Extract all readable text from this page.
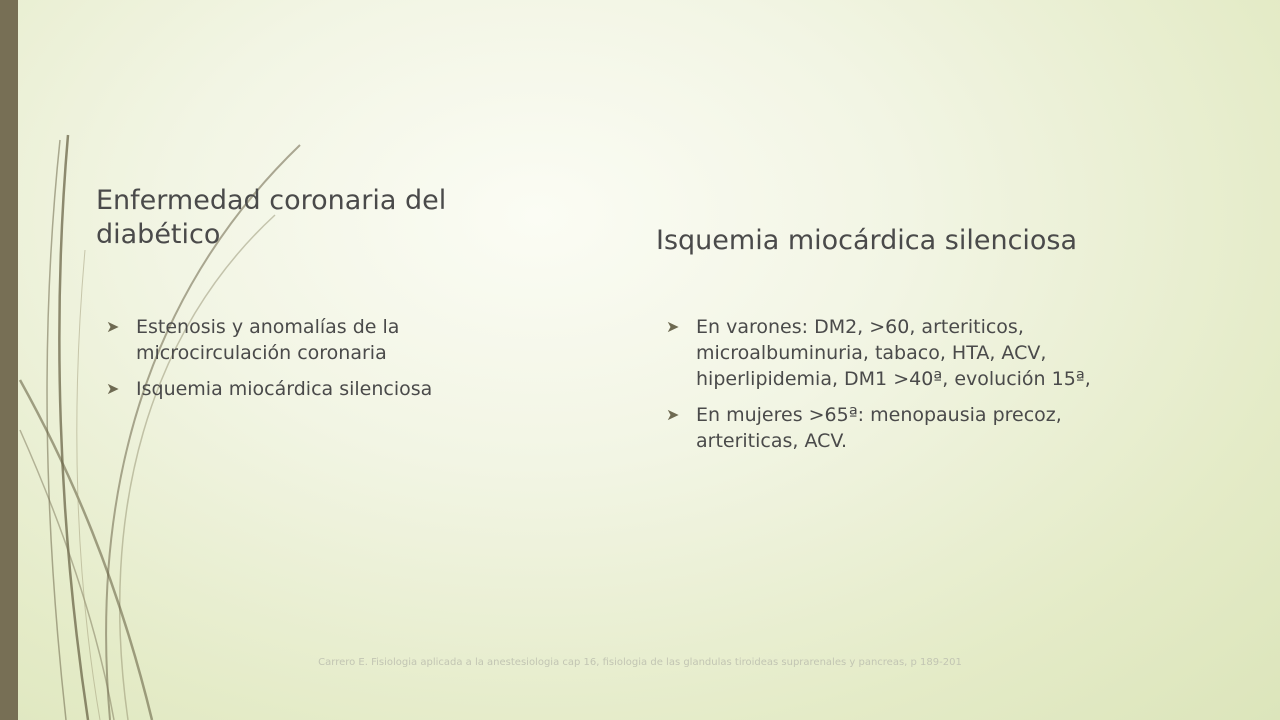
Enfermedad coronaria del diabético
➤ Estenosis y anomalías de la microcirculación coronaria
➤ Isquemia miocárdica silenciosa
Isquemia miocárdica silenciosa
➤ En varones: DM2, >60, arteriticos, microalbuminuria, tabaco, HTA, ACV, hiperlipidemia, DM1 >40ª, evolución 15ª,
➤ En mujeres >65ª: menopausia precoz, arteriticas, ACV.

Carrero E. Fisiologia aplicada a la anestesiologia cap 16, fisiologia de las glandulas tiroideas suprarenales y pancreas, p 189-201
